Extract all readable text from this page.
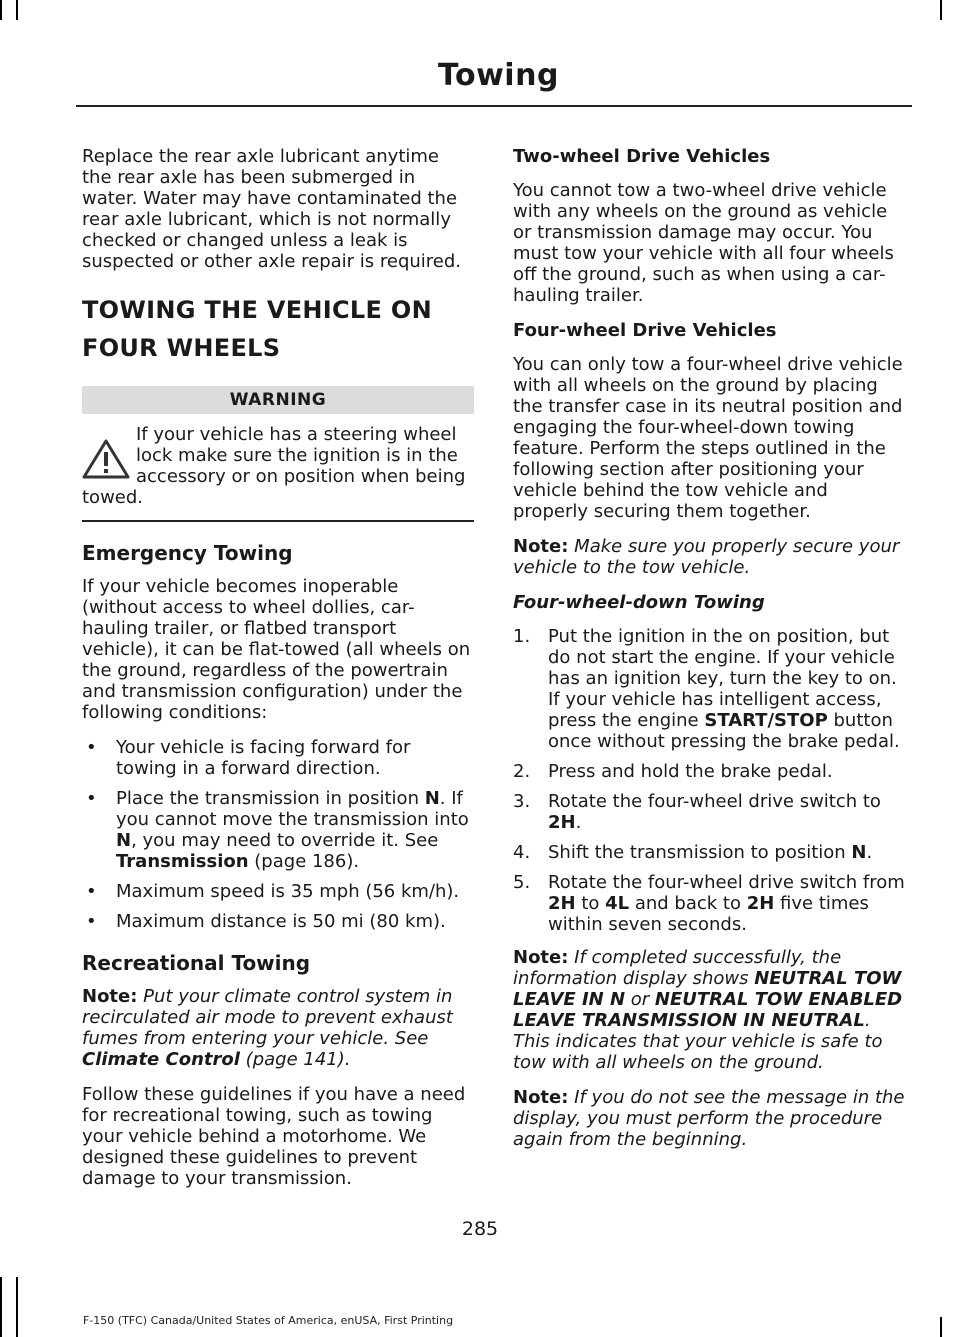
Towing

Replace the rear axle lubricant anytime the rear axle has been submerged in water. Water may have contaminated the rear axle lubricant, which is not normally checked or changed unless a leak is suspected or other axle repair is required.

TOWING THE VEHICLE ON
FOUR WHEELS
WARNING
If your vehicle has a steering wheel lock make sure the ignition is in the accessory or on position when being towed.
Emergency Towing

If your vehicle becomes inoperable (without access to wheel dollies, car-hauling trailer, or flatbed transport vehicle), it can be flat-towed (all wheels on the ground, regardless of the powertrain and transmission configuration) under the following conditions:

• Your vehicle is facing forward for towing in a forward direction.
• Place the transmission in position N. If you cannot move the transmission into N, you may need to override it. See Transmission (page 186).
• Maximum speed is 35 mph (56 km/h).
• Maximum distance is 50 mi (80 km).
Recreational Towing

Note: Put your climate control system in recirculated air mode to prevent exhaust fumes from entering your vehicle. See Climate Control (page 141).

Follow these guidelines if you have a need for recreational towing, such as towing your vehicle behind a motorhome. We designed these guidelines to prevent damage to your transmission.

Two-wheel Drive Vehicles

You cannot tow a two-wheel drive vehicle with any wheels on the ground as vehicle or transmission damage may occur. You must tow your vehicle with all four wheels off the ground, such as when using a car-hauling trailer.

Four-wheel Drive Vehicles

You can only tow a four-wheel drive vehicle with all wheels on the ground by placing the transfer case in its neutral position and engaging the four-wheel-down towing feature. Perform the steps outlined in the following section after positioning your vehicle behind the tow vehicle and properly securing them together.

Note: Make sure you properly secure your vehicle to the tow vehicle.

Four-wheel-down Towing
1. Put the ignition in the on position, but do not start the engine. If your vehicle has an ignition key, turn the key to on. If your vehicle has intelligent access, press the engine START/STOP button once without pressing the brake pedal.
2. Press and hold the brake pedal.
3. Rotate the four-wheel drive switch to 2H.
4. Shift the transmission to position N.
5. Rotate the four-wheel drive switch from 2H to 4L and back to 2H five times within seven seconds.

Note: If completed successfully, the information display shows NEUTRAL TOW LEAVE IN N or NEUTRAL TOW ENABLED LEAVE TRANSMISSION IN NEUTRAL. This indicates that your vehicle is safe to tow with all wheels on the ground.

Note: If you do not see the message in the display, you must perform the procedure again from the beginning.

285
F-150 (TFC) Canada/United States of America, enUSA, First Printing
